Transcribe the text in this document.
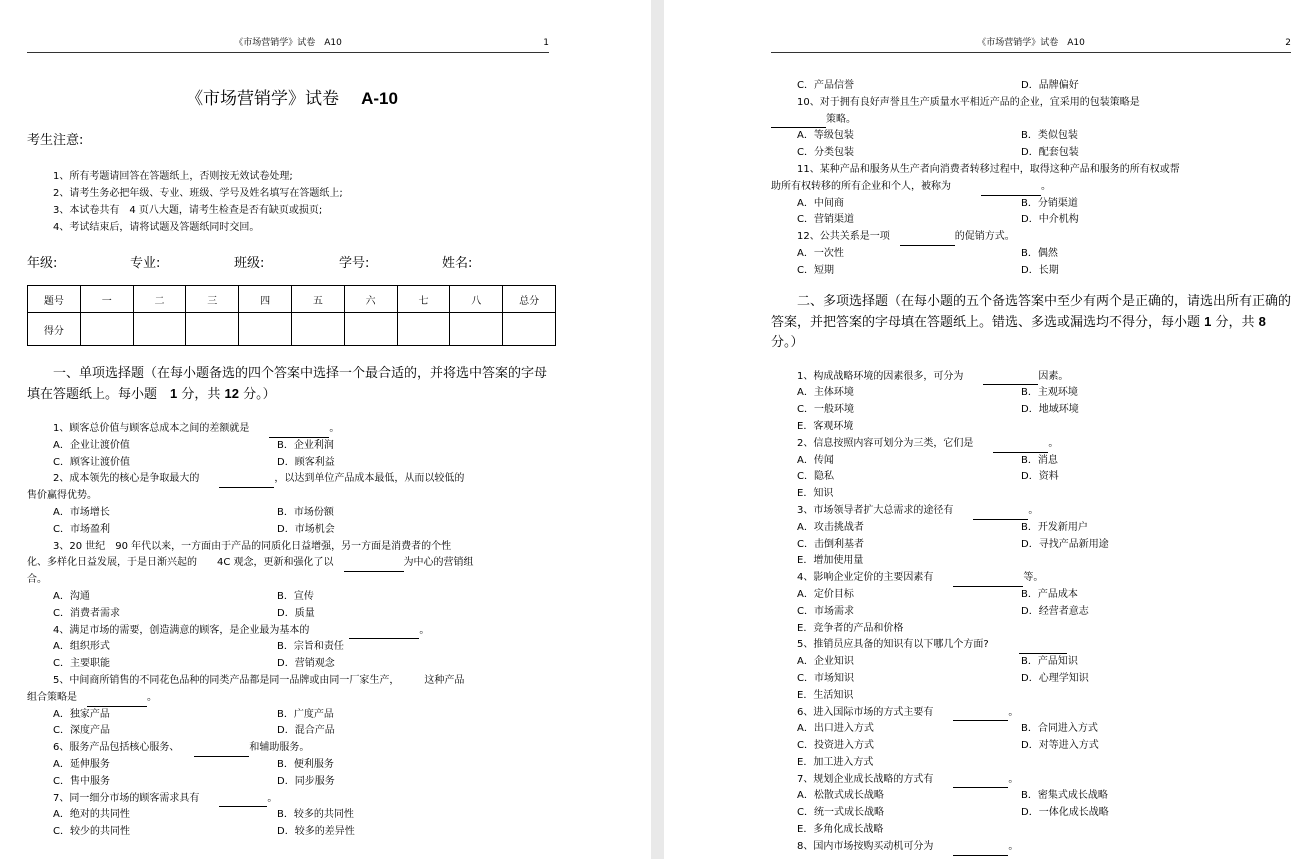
《市场营销学》试卷　A10	1
《市场营销学》试卷 A-10
考生注意:
1、所有考题请回答在答题纸上，否则按无效试卷处理;
2、请考生务必把年级、专业、班级、学号及姓名填写在答题纸上;
3、本试卷共有　4 页八大题，请考生检查是否有缺页或损页;
4、考试结束后，请将试题及答题纸同时交回。
年级:	专业:	班级:	学号:	姓名:
题号	一	二	三	四	五	六	七	八	总分
得分									
一、单项选择题（在每小题备选的四个答案中选择一个最合适的，并将选中答案的字母填在答题纸上。每小题　1 分，共 12 分。）
1、顾客总价值与顾客总成本之间的差额就是　　	。
A．企业让渡价值	B．企业利润
C．顾客让渡价值	D．顾客利益
2、成本领先的核心是争取最大的　　	，以达到单位产品成本最低，从而以较低的
售价赢得优势。
A．市场增长	B．市场份额
C．市场盈利	D．市场机会
3、20 世纪　90 年代以来，一方面由于产品的同质化日益增强，另一方面是消费者的个性
化、多样化日益发展，于是日渐兴起的　　4C 观念，更新和强化了以　	为中心的营销组
合。
A．沟通	B．宣传
C．消费者需求	D．质量
4、满足市场的需要，创造满意的顾客，是企业最为基本的　　　　	。
A．组织形式	B．宗旨和责任
C．主要职能	D．营销观念
5、中间商所销售的不同花色品种的同类产品都是同一品牌或由同一厂家生产，　　　这种产品
组合策略是　	。
A．独家产品	B．广度产品
C．深度产品	D．混合产品
6、服务产品包括核心服务、　　	和辅助服务。
A．延伸服务	B．便利服务
C．售中服务	D．同步服务
7、同一细分市场的顾客需求具有　　	。
A．绝对的共同性	B．较多的共同性
C．较少的共同性	D．较多的差异性
《市场营销学》试卷　A10	2
C．产品信誉	D．品牌偏好
10、对于拥有良好声誉且生产质量水平相近产品的企业，宜采用的包装策略是
策略。
A．等级包装	B．类似包装
C．分类包装	D．配套包装
11、某种产品和服务从生产者向消费者转移过程中，取得这种产品和服务的所有权或帮
助所有权转移的所有企业和个人，被称为　　　	。
A．中间商	B．分销渠道
C．营销渠道	D．中介机构
12、公共关系是一项　	的促销方式。
A．一次性	B．偶然
C．短期	D．长期
二、多项选择题（在每小题的五个备选答案中至少有两个是正确的，请选出所有正确的答案，并把答案的字母填在答题纸上。错选、多选或漏选均不得分，每小题 1 分，共 8 分。）
1、构成战略环境的因素很多，可分为　　	因素。
A．主体环境	B．主观环境
C．一般环境	D．地域环境
E．客观环境
2、信息按照内容可划分为三类，它们是　　	。
A．传闻	B．消息
C．隐私	D．资料
E．知识
3、市场领导者扩大总需求的途径有　　	。
A．攻击挑战者	B．开发新用户
C．击倒利基者	D．寻找产品新用途
E．增加使用量
4、影响企业定价的主要因素有　　	等。
A．定价目标	B．产品成本
C．市场需求	D．经营者意志
E．竞争者的产品和价格
5、推销员应具备的知识有以下哪几个方面?　　　
A．企业知识	B．产品知识
C．市场知识	D．心理学知识
E．生活知识
6、进入国际市场的方式主要有　　	。
A．出口进入方式	B．合同进入方式
C．投资进入方式	D．对等进入方式
E．加工进入方式
7、规划企业成长战略的方式有　　	。
A．松散式成长战略	B．密集式成长战略
C．统一式成长战略	D．一体化成长战略
E．多角化成长战略
8、国内市场按购买动机可分为　　	。
